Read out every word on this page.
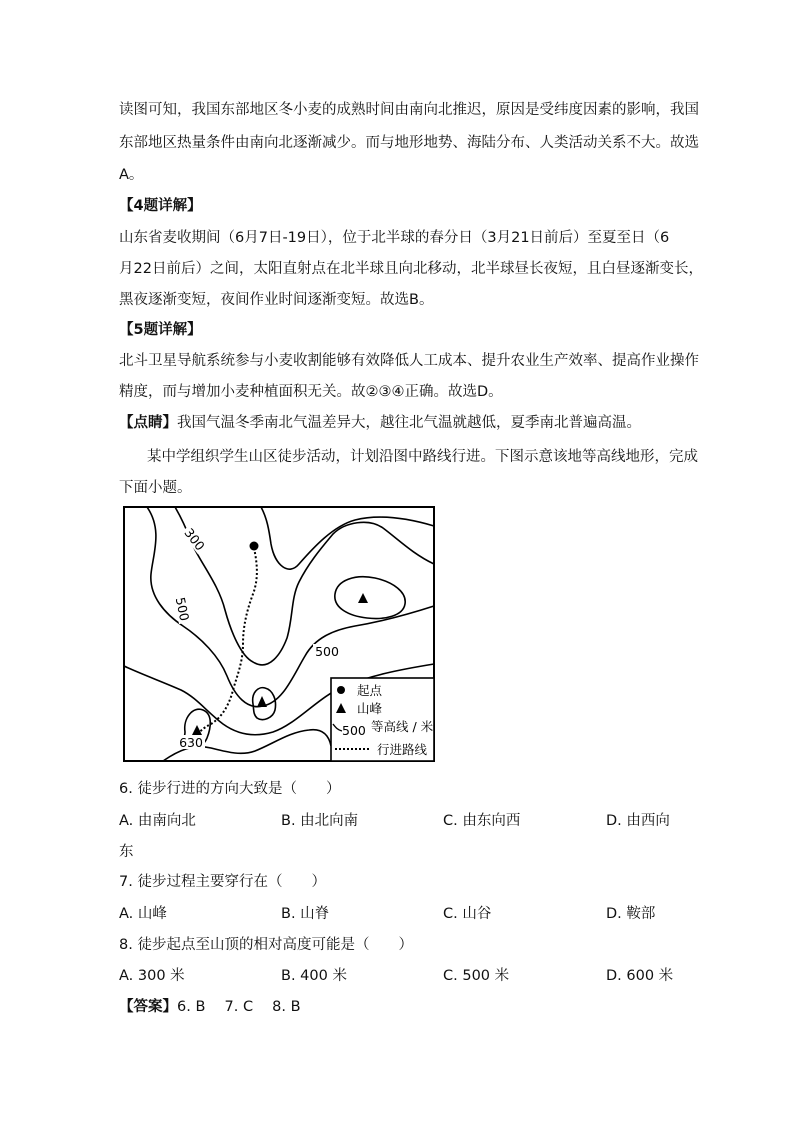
读图可知，我国东部地区冬小麦的成熟时间由南向北推迟，原因是受纬度因素的影响，我国
东部地区热量条件由南向北逐渐减少。而与地形地势、海陆分布、人类活动关系不大。故选
A。
【4题详解】
山东省麦收期间（6月7日-19日），位于北半球的春分日（3月21日前后）至夏至日（6
月22日前后）之间，太阳直射点在北半球且向北移动，北半球昼长夜短，且白昼逐渐变长，
黑夜逐渐变短，夜间作业时间逐渐变短。故选B。
【5题详解】
北斗卫星导航系统参与小麦收割能够有效降低人工成本、提升农业生产效率、提高作业操作
精度，而与增加小麦种植面积无关。故②③④正确。故选D。
【点睛】我国气温冬季南北气温差异大，越往北气温就越低，夏季南北普遍高温。
某中学组织学生山区徒步活动，计划沿图中路线行进。下图示意该地等高线地形，完成
下面小题。
300
500
500
630
起点
山峰
500 等高线 / 米
行进路线
6. 徒步行进的方向大致是（　　）
A. 由南向北	B. 由北向南	C. 由东向西	D. 由西向
东
7. 徒步过程主要穿行在（　　）
A. 山峰	B. 山脊	C. 山谷	D. 鞍部
8. 徒步起点至山顶的相对高度可能是（　　）
A. 300 米	B. 400 米	C. 500 米	D. 600 米
【答案】6. B　 7. C　 8. B
